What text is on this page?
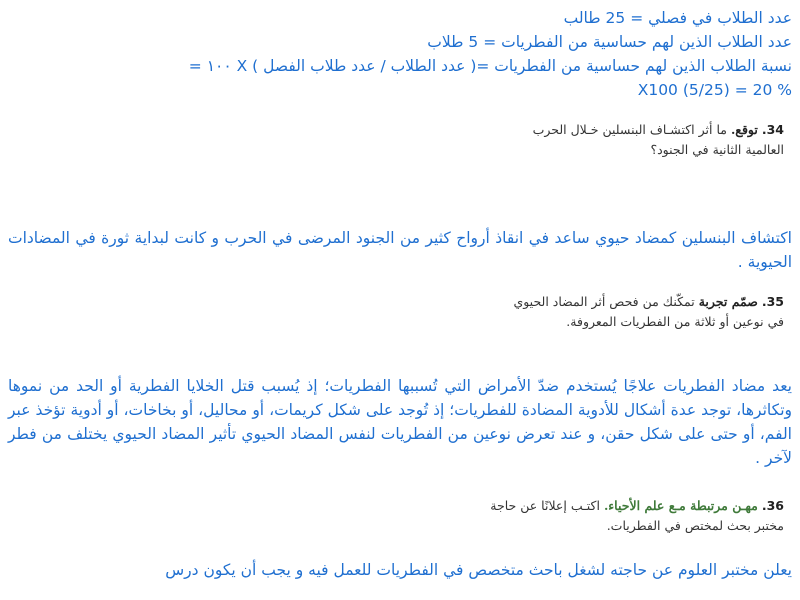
عدد الطلاب في فصلي = 25 طالب
عدد الطلاب الذين لهم حساسية من الفطريات = 5 طلاب
نسبة الطلاب الذين لهم حساسية من الفطريات =( عدد الطلاب / عدد طلاب الفصل ) X ١٠٠ =
% 20 = (5/25) X100
34. توقع. ما أثر اكتشـاف البنسلين خـلال الحرب
العالمية الثانية في الجنود؟

اكتشاف البنسلين كمضاد حيوي ساعد في انقاذ أرواح كثير من الجنود المرضى في الحرب و كانت لبداية ثورة في المضادات الحيوية .

35. صمّم تجربة تمكّنك من فحص أثر المضاد الحيوي
في نوعين أو ثلاثة من الفطريات المعروفة.

يعد مضاد الفطريات علاجًا يُستخدم ضدّ الأمراض التي تُسببها الفطريات؛ إذ يُسبب قتل الخلايا الفطرية أو الحد من نموها وتكاثرها، توجد عدة أشكال للأدوية المضادة للفطريات؛ إذ تُوجد على شكل كريمات، أو محاليل، أو بخاخات، أو أدوية تؤخذ عبر الفم، أو حتى على شكل حقن، و عند تعرض نوعين من الفطريات لنفس المضاد الحيوي تأثير المضاد الحيوي يختلف من فطر لآخر .

36. مهـن مرتبطة مـع علم الأحياء. اكتـب إعلانًا عن حاجة
مختبر بحث لمختص في الفطريات.

يعلن مختبر العلوم عن حاجته لشغل باحث متخصص في الفطريات للعمل فيه و يجب أن يكون درس
